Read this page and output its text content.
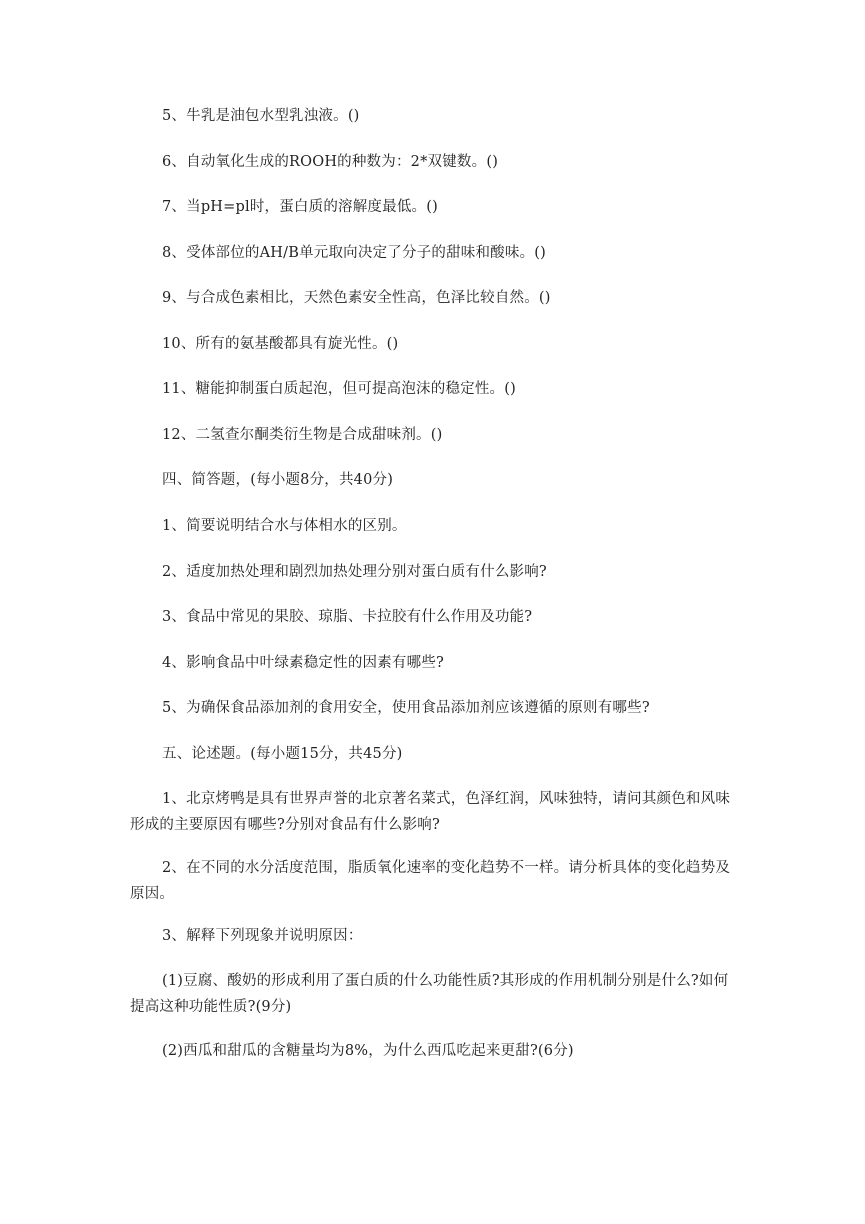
5、牛乳是油包水型乳浊液。()
6、自动氧化生成的ROOH的种数为：2*双键数。()
7、当pH=pl时，蛋白质的溶解度最低。()
8、受体部位的AH/B单元取向决定了分子的甜味和酸味。()
9、与合成色素相比，天然色素安全性高，色泽比较自然。()
10、所有的氨基酸都具有旋光性。()
11、糖能抑制蛋白质起泡，但可提高泡沫的稳定性。()
12、二氢查尔酮类衍生物是合成甜味剂。()
四、简答题，(每小题8分，共40分)
1、简要说明结合水与体相水的区别。
2、适度加热处理和剧烈加热处理分别对蛋白质有什么影响?
3、食品中常见的果胶、琼脂、卡拉胶有什么作用及功能?
4、影响食品中叶绿素稳定性的因素有哪些?
5、为确保食品添加剂的食用安全，使用食品添加剂应该遵循的原则有哪些?
五、论述题。(每小题15分，共45分)
1、北京烤鸭是具有世界声誉的北京著名菜式，色泽红润，风味独特，请问其颜色和风味形成的主要原因有哪些?分别对食品有什么影响?
2、在不同的水分活度范围，脂质氧化速率的变化趋势不一样。请分析具体的变化趋势及原因。
3、解释下列现象并说明原因：
(1)豆腐、酸奶的形成利用了蛋白质的什么功能性质?其形成的作用机制分别是什么?如何提高这种功能性质?(9分)
(2)西瓜和甜瓜的含糖量均为8%，为什么西瓜吃起来更甜?(6分)
